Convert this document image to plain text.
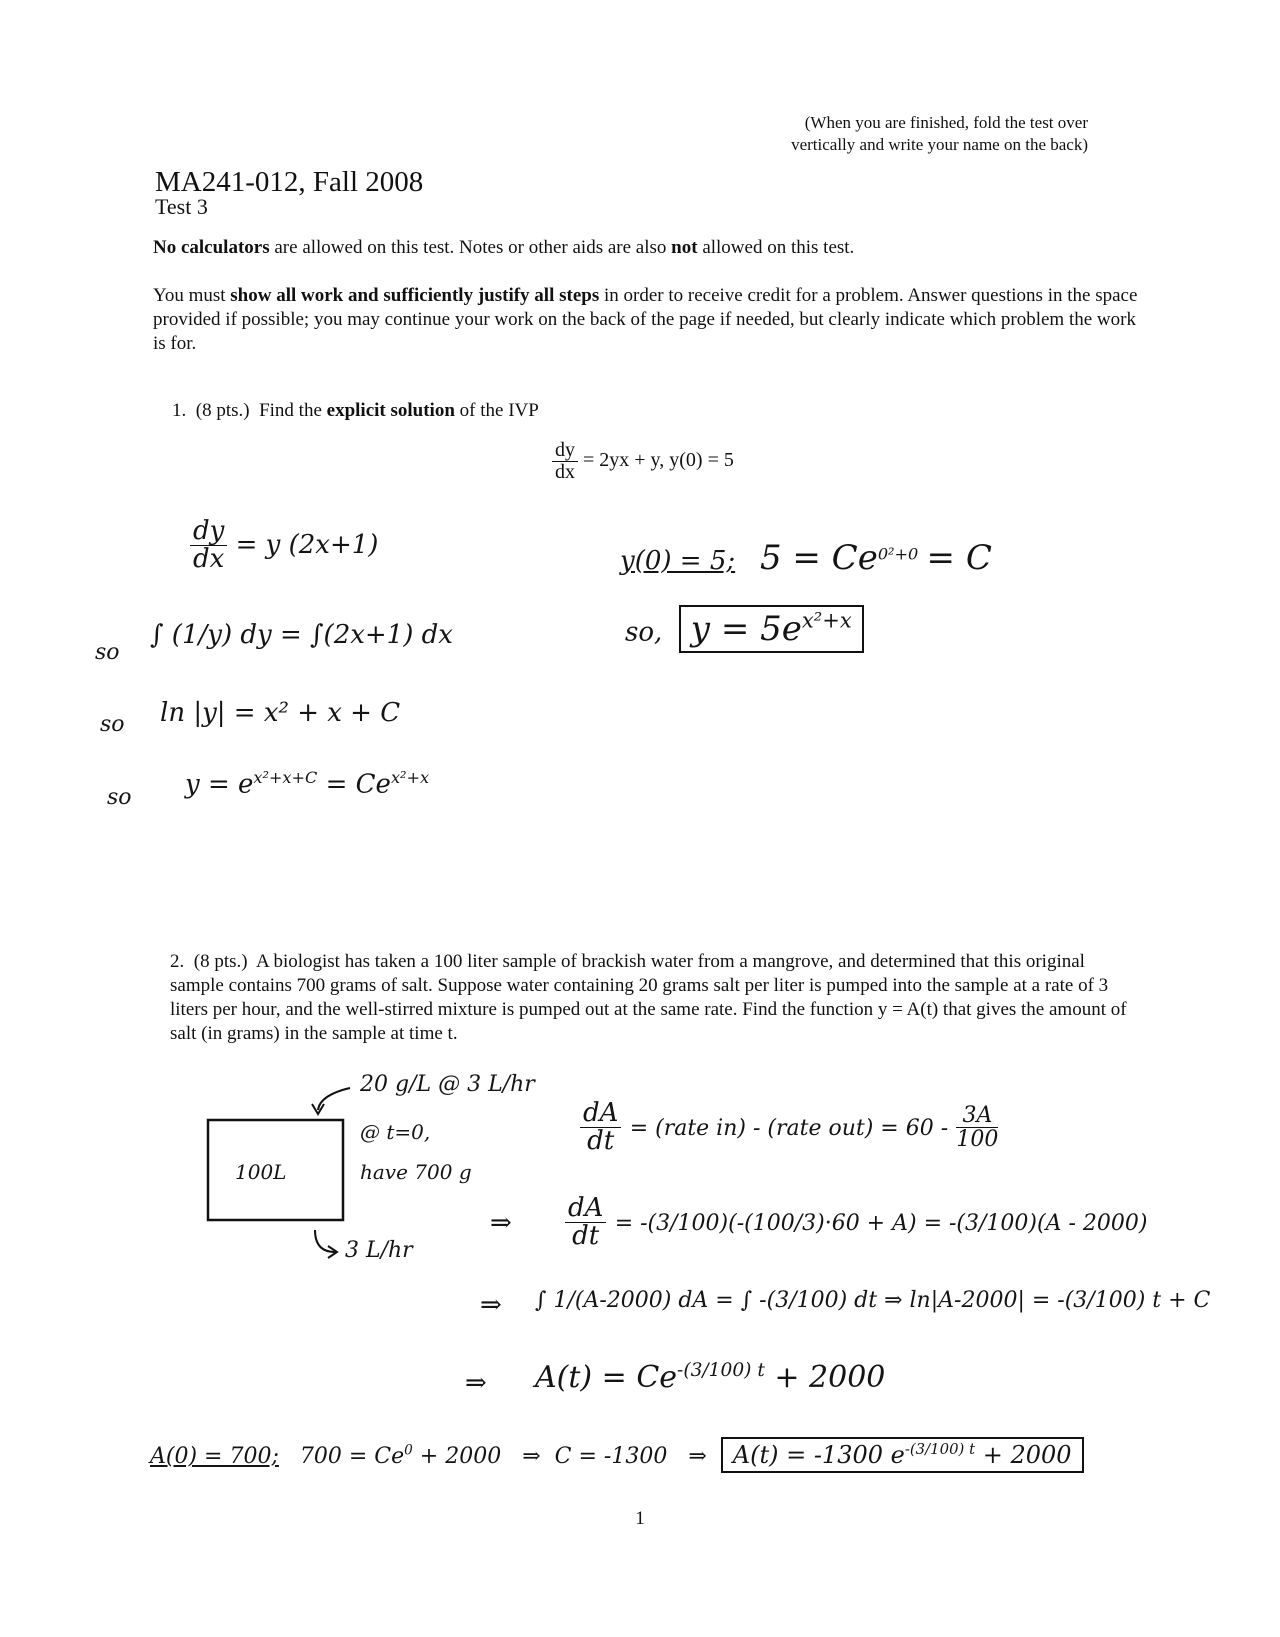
(When you are finished, fold the test over
vertically and write your name on the back)
MA241-012, Fall 2008
Test 3
No calculators are allowed on this test. Notes or other aids are also not allowed on this test.
You must show all work and sufficiently justify all steps in order to receive credit for a problem. Answer questions in the space provided if possible; you may continue your work on the back of the page if needed, but clearly indicate which problem the work is for.
1. (8 pts.) Find the explicit solution of the IVP
$\frac{dy}{dx} = 2yx + y$, y(0) = 5
$\frac{dy}{dx} = y$ (2x+1)
so
∫ (1/y) dy = ∫(2x+1) dx
so ln |y| = x² + x + C
so $y = e^{x^2+x+C} = Ce^{x^2+x}$
y(0) = 5; $5 = Ce^{0^2+0} = C$
so, $y = 5e^{x^2+x}$
2. (8 pts.) A biologist has taken a 100 liter sample of brackish water from a mangrove, and determined that this original sample contains 700 grams of salt. Suppose water containing 20 grams salt per liter is pumped into the sample at a rate of 3 liters per hour, and the well-stirred mixture is pumped out at the same rate. Find the function y = A(t) that gives the amount of salt (in grams) in the sample at time t.
20 g/L @ 3 L/hr
100L
@ t=0,
have 700 g
3 L/hr
$\frac{dA}{dt}$ = (rate in) - (rate $out) = 60 - \frac{3A}{100}$
⇒ $\frac{dA}{dt} = -(3/100)(-(100/3)\cdot 60 + A) = -(3/100)(A - 2000)$
⇒ ∫ 1/(A-2000) dA = ∫ -(3/100) dt ⇒ ln|A-2000| = -(3/100) t + C
⇒ $A(t) = Ce^{-(3/100) t} + 2000$
A(0) = 700; $700 = Ce^0 + 2000$ ⇒ C = -1300 ⇒ A(t) = -1300 $e^{-(3/100) t} + 2000$
1
